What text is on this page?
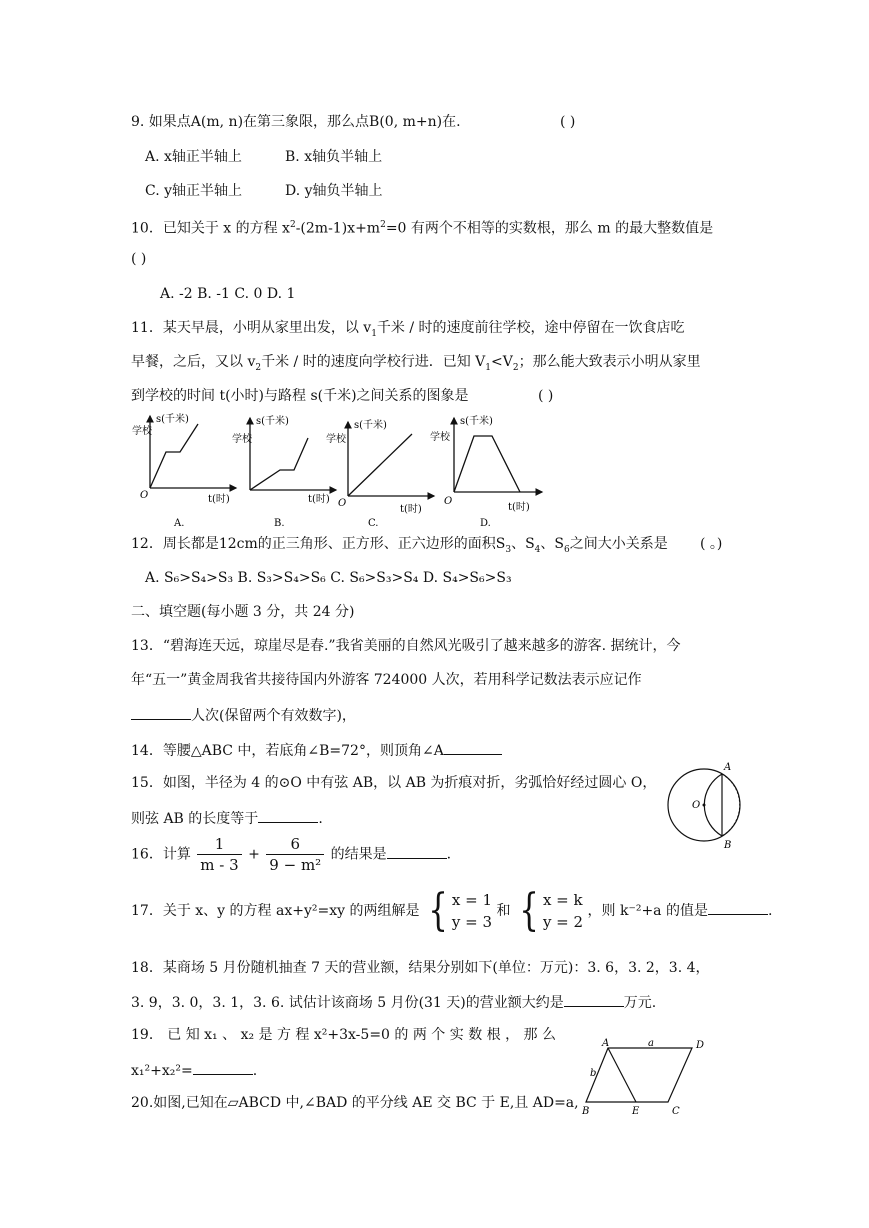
9. 如果点A(m, n)在第三象限，那么点B(0, m+n)在.	( )
A. x轴正半轴上	B. x轴负半轴上
C. y轴正半轴上	D. y轴负半轴上
10．已知关于 x 的方程 $x^2-(2m-1)x+m^2=0$ 有两个不相等的实数根，那么 m 的最大整数值是
( )
A. -2 B. -1 C. 0 D. 1
11．某天早晨，小明从家里出发，以 $v_1$千米 / 时的速度前往学校，途中停留在一饮食店吃
早餐，之后，又以 $v_2$千米 / 时的速度向学校行进．已知 $V_1<V_2$；那么能大致表示小明从家里
到学校的时间 t(小时)与路程 s(千米)之间关系的图象是	( )
学校
s(千米)
O	t(时)
A.
学校
s(千米)
t(时)
B.
学校
s(千米)
O
t(时)
C.
学校
s(千米)
O
t(时)
D.
12．周长都是12cm的正三角形、正方形、正六边形的面积$S_3$、$S_4$、$S_6$之间大小关系是 ( 。)
A. S₆>S₄>S₃ B. S₃>S₄>S₆ C. S₆>S₃>S₄ D. S₄>S₆>S₃
二、填空题(每小题 3 分，共 24 分)
13．“碧海连天远，琼崖尽是春.”我省美丽的自然风光吸引了越来越多的游客. 据统计，今
年“五一”黄金周我省共接待国内外游客 724000 人次，若用科学记数法表示应记作
人次(保留两个有效数字)，
14．等腰△ABC 中，若底角∠B=72°，则顶角∠A
15．如图，半径为 4 的⊙O 中有弦 AB，以 AB 为折痕对折，劣弧恰好经过圆心 O，
则弦 AB 的长度等于	.
A
B
O
16．计算 $\frac{1}{m - 3} + \frac{6}{\text{9 − m²}}$ 的结果是	.
17．关于 x、y 的方程 ax+y²=xy 的两组解是 { x = 1
y = 3
和 { x = k
y = 2
，则 k⁻²+a 的值是	.
18．某商场 5 月份随机抽查 7 天的营业额，结果分别如下(单位：万元)：3. 6，3. 2，3. 4，
3. 9，3. 0，3. 1，3. 6. 试估计该商场 5 月份(31 天)的营业额大约是	万元.
19． 已 知 x₁ 、 x₂ 是 方 程 x²+3x-5=0 的 两 个 实 数 根 ， 那 么
x₁²+x₂²=	.
20.如图,已知在▱ABCD 中,∠BAD 的平分线 AE 交 BC 于 E,且 AD=a,
A	D
B	E	C
a
b
